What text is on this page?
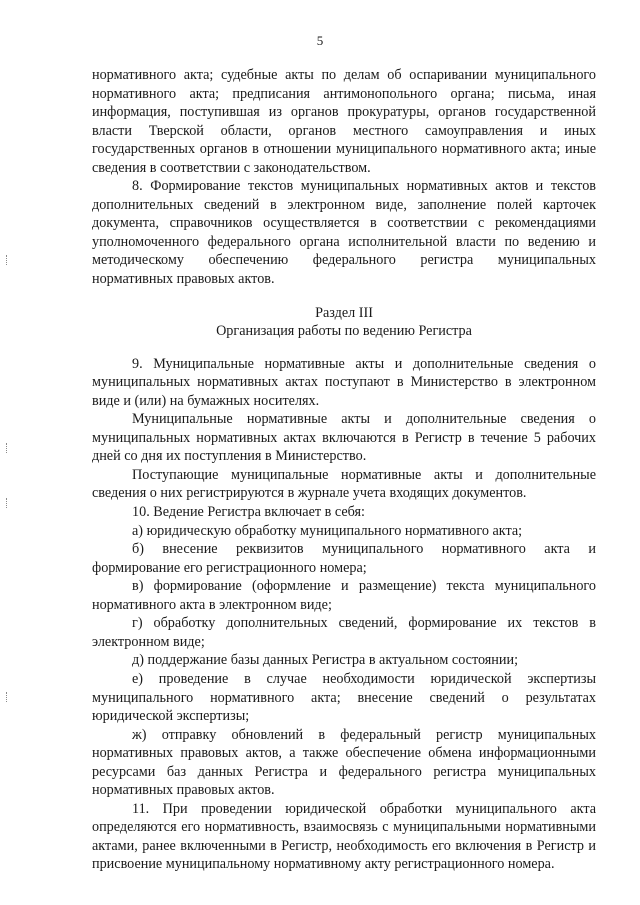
5

нормативного акта; судебные акты по делам об оспаривании муниципального нормативного акта; предписания антимонопольного органа; письма, иная информация, поступившая из органов прокуратуры, органов государственной власти Тверской области, органов местного самоуправления и иных государственных органов в отношении муниципального нормативного акта; иные сведения в соответствии с законодательством.

8. Формирование текстов муниципальных нормативных актов и текстов дополнительных сведений в электронном виде, заполнение полей карточек документа, справочников осуществляется в соответствии с рекомендациями уполномоченного федерального органа исполнительной власти по ведению и методическому обеспечению федерального регистра муниципальных нормативных правовых актов.

Раздел III

Организация работы по ведению Регистра

9. Муниципальные нормативные акты и дополнительные сведения о муниципальных нормативных актах поступают в Министерство в электронном виде и (или) на бумажных носителях.

Муниципальные нормативные акты и дополнительные сведения о муниципальных нормативных актах включаются в Регистр в течение 5 рабочих дней со дня их поступления в Министерство.

Поступающие муниципальные нормативные акты и дополнительные сведения о них регистрируются в журнале учета входящих документов.

10. Ведение Регистра включает в себя:

а) юридическую обработку муниципального нормативного акта;

б) внесение реквизитов муниципального нормативного акта и формирование его регистрационного номера;

в) формирование (оформление и размещение) текста муниципального нормативного акта в электронном виде;

г) обработку дополнительных сведений, формирование их текстов в электронном виде;

д) поддержание базы данных Регистра в актуальном состоянии;

е) проведение в случае необходимости юридической экспертизы муниципального нормативного акта; внесение сведений о результатах юридической экспертизы;

ж) отправку обновлений в федеральный регистр муниципальных нормативных правовых актов, а также обеспечение обмена информационными ресурсами баз данных Регистра и федерального регистра муниципальных нормативных правовых актов.

11. При проведении юридической обработки муниципального акта определяются его нормативность, взаимосвязь с муниципальными нормативными актами, ранее включенными в Регистр, необходимость его включения в Регистр и присвоение муниципальному нормативному акту регистрационного номера.
